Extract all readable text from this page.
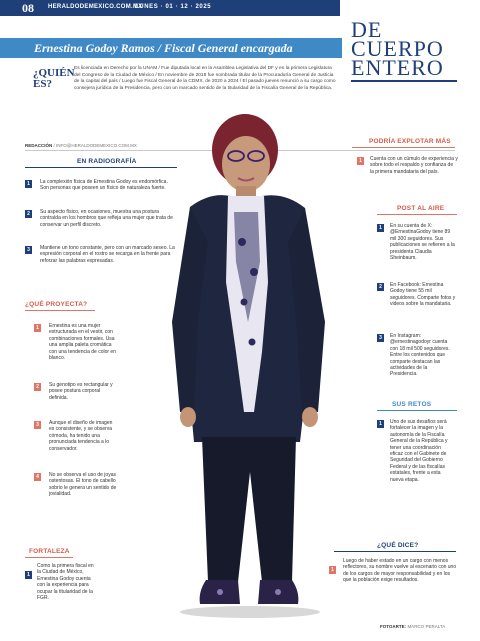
08 HERALDODEMEXICO.COM.MX
LUNES · 01 · 12 · 2025
Ernestina Godoy Ramos / Fiscal General encargada
DE
CUERPO
ENTERO
¿QUIÉN ES?
Es licenciada en Derecho por la UNAM / Fue diputada local en la Asamblea Legislativa del DF y en la primera Legislatura del Congreso de la Ciudad de México / En noviembre de 2018 fue nombrada titular de la Procuraduría General de Justicia de la capital del país / Luego fue Fiscal General de la CDMX, de 2020 a 2024 / El pasado jueves renunció a su cargo como consejera jurídica de la Presidencia, pero con un marcado sentido de la titularidad de la Fiscalía General de la República.
REDACCIÓN / INFO@HERALDODEMEXICO.COM.MX
EN RADIOGRAFÍA
1	La complexión física de Ernestina Godoy es endomórfica. Son personas que poseen un físico de naturaleza fuerte.
2	Su aspecto físico, en ocasiones, muestra una postura contraída en los hombros que refleja una mujer que trata de conservar un perfil discreto.
3	Mantiene un tono constante, pero con un marcado seseo. La expresión corporal en el rostro se recarga en la frente para reforzar las palabras expresadas.
¿QUÉ PROYECTA?
1	Ernestina es una mujer estructurada en el vestir, con combinaciones formales. Usa una amplia paleta cromática con una tendencia de color en blanco.
2	Su genotipo es rectangular y posee postura corporal definida.
3	Aunque el diseño de imagen es consistente, y se observa cómoda, ha tenido una pronunciada tendencia a lo conservador.
4	No se observa el uso de joyas ostentosas. El tono de cabello sobrio le genera un sentido de jovialidad.
FORTALEZA
1
Como la primera fiscal en la Ciudad de México, Ernestina Godoy cuenta con la experiencia para ocupar la titularidad de la FGR.
PODRÍA EXPLOTAR MÁS
1	Cuenta con un cúmulo de experiencia y sobre todo el respaldo y confianza de la primera mandataria del país.
POST AL AIRE
1	En su cuenta de X: @ErnestinaGodoy tiene 89 mil 300 seguidores. Sus publicaciones se refieren a la presidenta Claudia Sheinbaum.
2	En Facebook: Ernestina Godoy tiene 55 mil seguidores. Comparte fotos y videos sobre la mandataria.
3	En Instagram: @ernestinagodoyr cuenta con 18 mil 500 seguidores. Entre los contenidos que comparte destacan las actividades de la Presidencia.
SUS RETOS
1	Uno de sus desafíos será fortalecer la imagen y la autonomía de la Fiscalía General de la República y tener una coordinación eficaz con el Gabinete de Seguridad del Gobierno Federal y de las fiscalías estatales, frente a esta nueva etapa.
¿QUÉ DICE?
1
Luego de haber estado en un cargo con menos reflectores, su nombre vuelve al escenario con uno de los cargos de mayor responsabilidad y en los que la población exige resultados.
FOTOARTE: MARCO PERALTA
